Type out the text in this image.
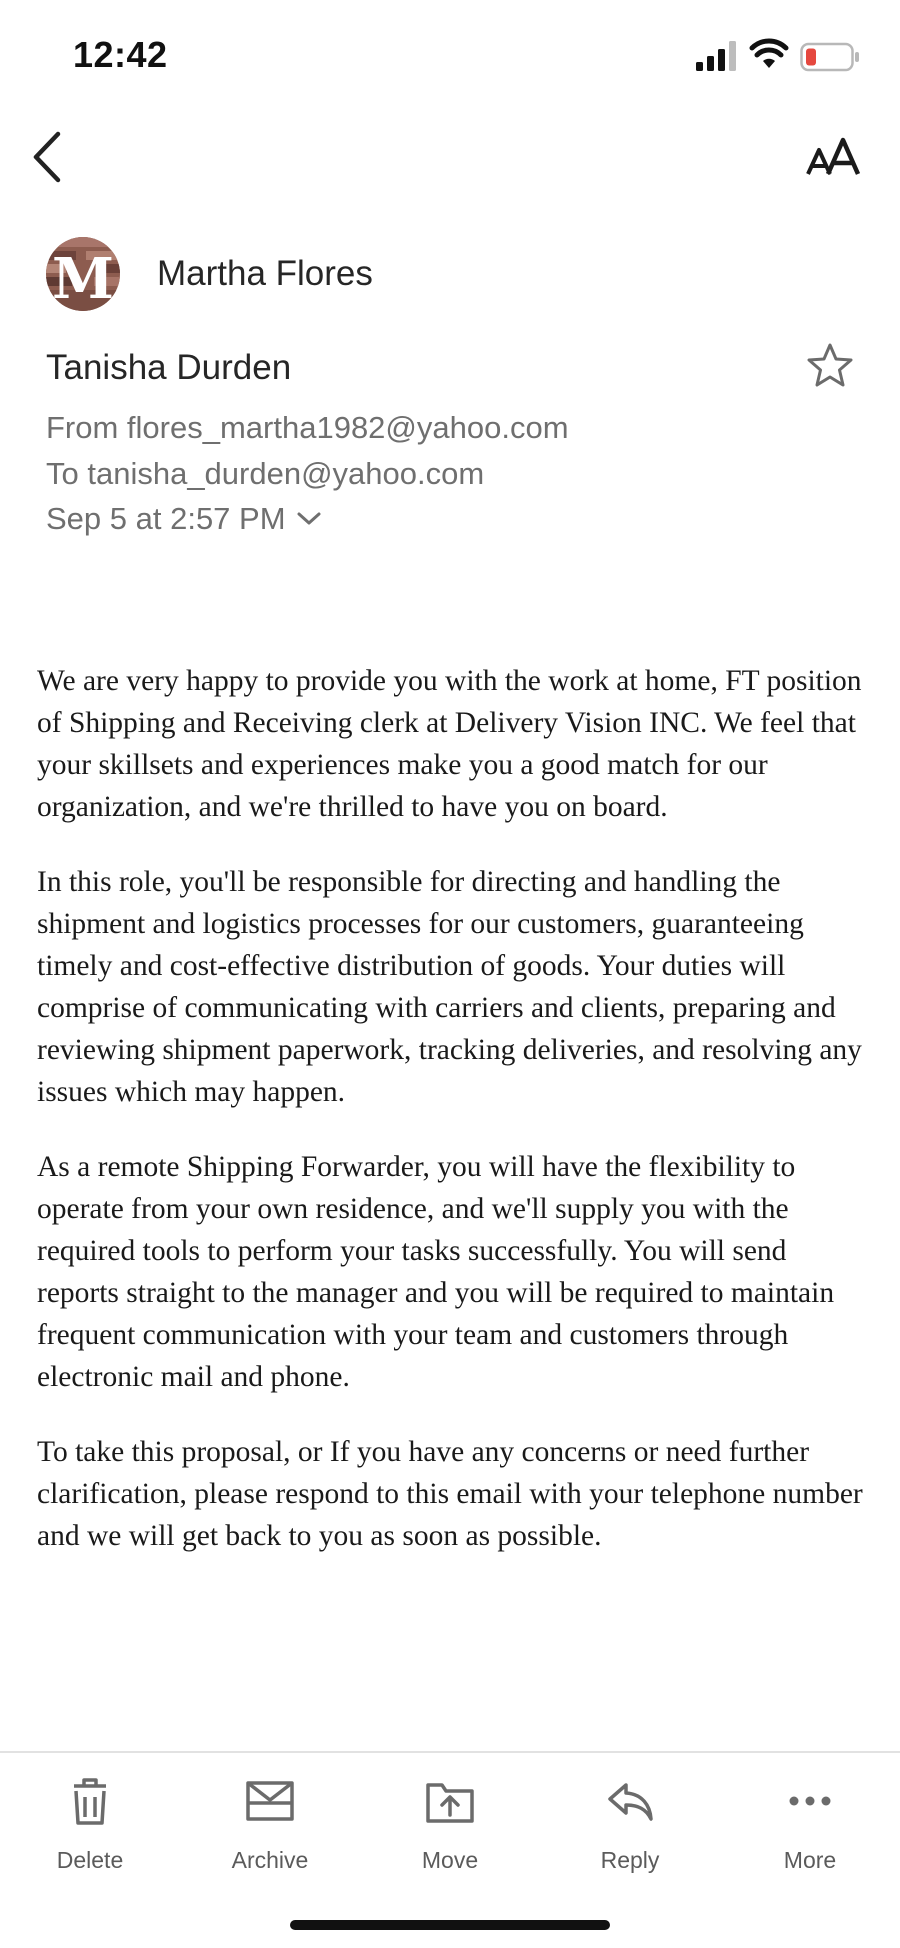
12:42
M Martha Flores
Tanisha Durden
From flores_martha1982@yahoo.com
To tanisha_durden@yahoo.com
Sep 5 at 2:57 PM

We are very happy to provide you with the work at home, FT position of Shipping and Receiving clerk at Delivery Vision INC. We feel that your skillsets and experiences make you a good match for our organization, and we're thrilled to have you on board.

In this role, you'll be responsible for directing and handling the shipment and logistics processes for our customers, guaranteeing timely and cost-effective distribution of goods. Your duties will comprise of communicating with carriers and clients, preparing and reviewing shipment paperwork, tracking deliveries, and resolving any issues which may happen.

As a remote Shipping Forwarder, you will have the flexibility to operate from your own residence, and we'll supply you with the required tools to perform your tasks successfully. You will send reports straight to the manager and you will be required to maintain frequent communication with your team and customers through electronic mail and phone.

To take this proposal, or If you have any concerns or need further clarification, please respond to this email with your telephone number and we will get back to you as soon as possible.

Delete	Archive	Move	Reply	More
